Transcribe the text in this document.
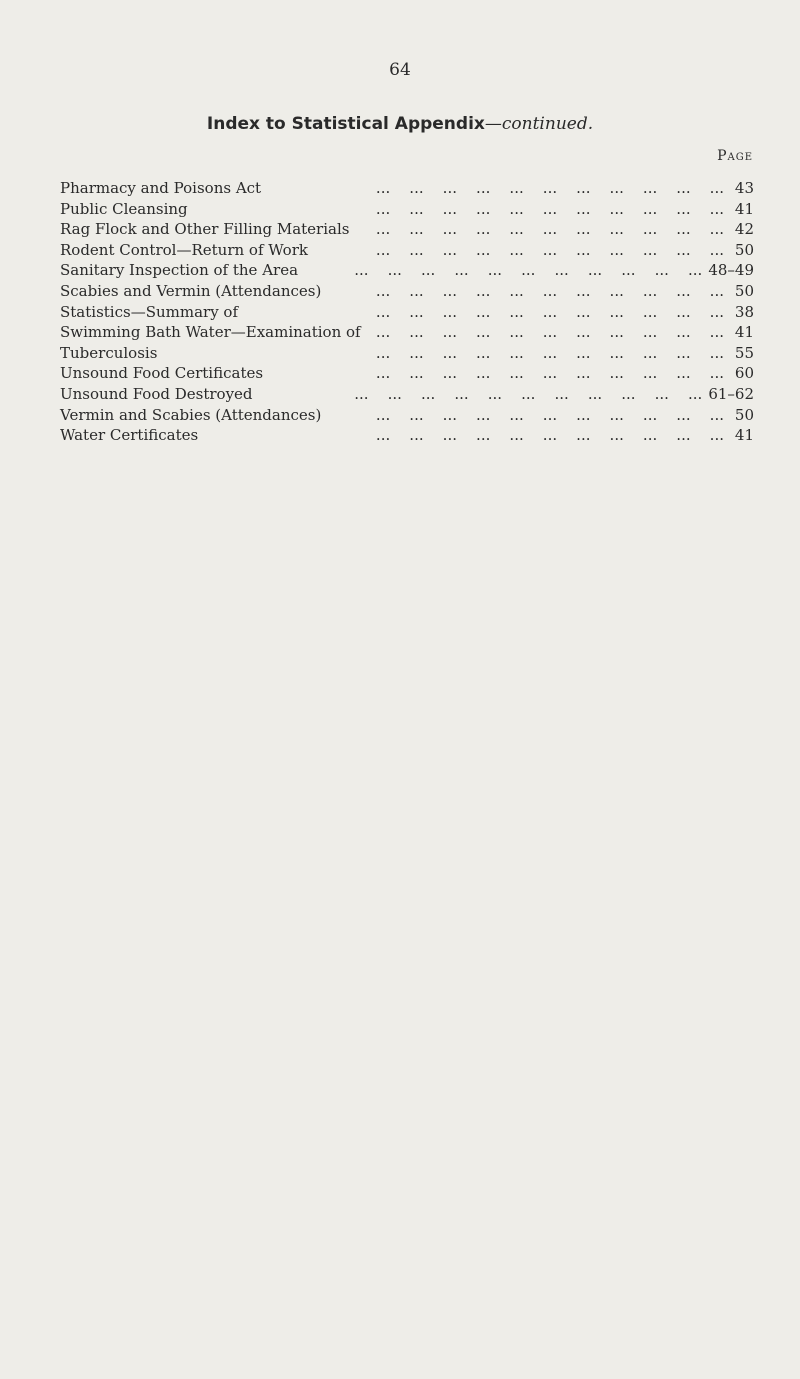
64
Index to Statistical Appendix—continued.
Page
Pharmacy and Poisons Act ...	43
Public Cleansing ...	41
Rag Flock and Other Filling Materials ...	42
Rodent Control—Return of Work ...	50
Sanitary Inspection of the Area ...	48–49
Scabies and Vermin (Attendances) ...	50
Statistics—Summary of ...	38
Swimming Bath Water—Examination of ...	41
Tuberculosis ...	55
Unsound Food Certificates ...	60
Unsound Food Destroyed ...	61–62
Vermin and Scabies (Attendances) ...	50
Water Certificates ...	41
